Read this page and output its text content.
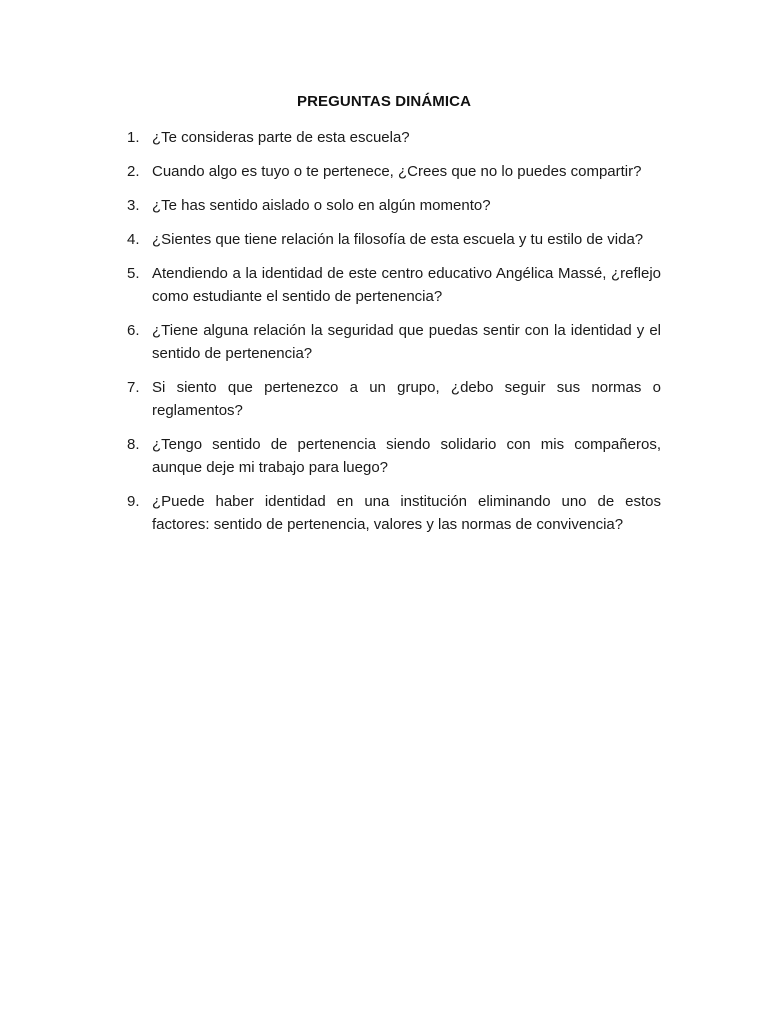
PREGUNTAS DINÁMICA
1. ¿Te consideras parte de esta escuela?
2. Cuando algo es tuyo o te pertenece, ¿Crees que no lo puedes compartir?
3. ¿Te has sentido aislado o solo en algún momento?
4. ¿Sientes que tiene relación la filosofía de esta escuela y tu estilo de vida?
5. Atendiendo a la identidad de este centro educativo Angélica Massé, ¿reflejo como estudiante el sentido de pertenencia?
6. ¿Tiene alguna relación la seguridad que puedas sentir con la identidad y el sentido de pertenencia?
7. Si siento que pertenezco a un grupo, ¿debo seguir sus normas o reglamentos?
8. ¿Tengo sentido de pertenencia siendo solidario con mis compañeros, aunque deje mi trabajo para luego?
9. ¿Puede haber identidad en una institución eliminando uno de estos factores: sentido de pertenencia, valores y las normas de convivencia?
